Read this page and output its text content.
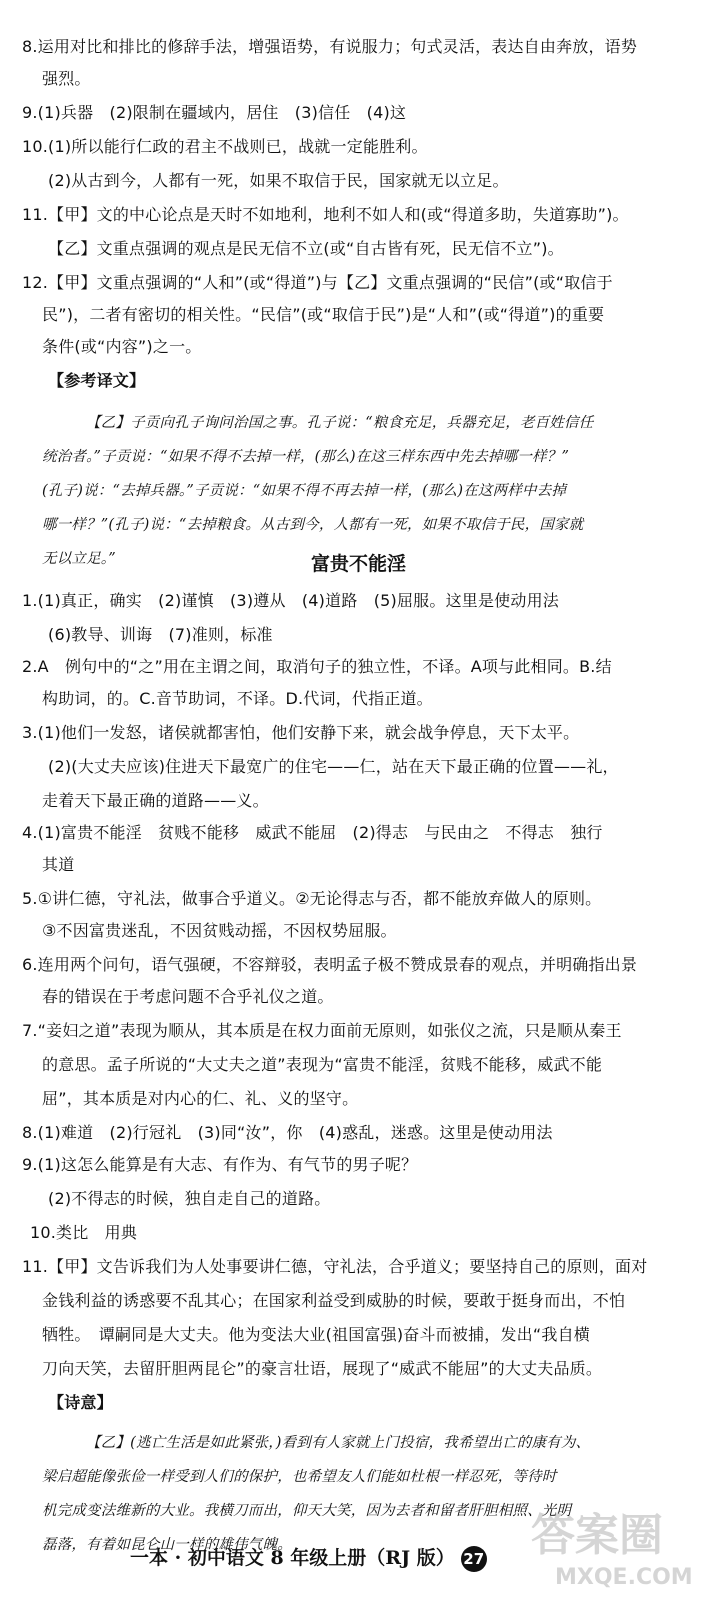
8.运用对比和排比的修辞手法，增强语势，有说服力；句式灵活，表达自由奔放，语势
强烈。
9.(1)兵器　(2)限制在疆域内，居住　(3)信任　(4)这
10.(1)所以能行仁政的君主不战则已，战就一定能胜利。
(2)从古到今，人都有一死，如果不取信于民，国家就无以立足。
11.【甲】文的中心论点是天时不如地利，地利不如人和(或“得道多助，失道寡助”)。
【乙】文重点强调的观点是民无信不立(或“自古皆有死，民无信不立”)。
12.【甲】文重点强调的“人和”(或“得道”)与【乙】文重点强调的“民信”(或“取信于
民”)，二者有密切的相关性。“民信”(或“取信于民”)是“人和”(或“得道”)的重要
条件(或“内容”)之一。
【参考译文】
【乙】子贡向孔子询问治国之事。孔子说：“粮食充足，兵器充足，老百姓信任
统治者。”子贡说：“如果不得不去掉一样，(那么)在这三样东西中先去掉哪一样？”
(孔子)说：“去掉兵器。”子贡说：“如果不得不再去掉一样，(那么)在这两样中去掉
哪一样？”(孔子)说：“去掉粮食。从古到今，人都有一死，如果不取信于民，国家就
无以立足。”	富贵不能淫
1.(1)真正，确实　(2)谨慎　(3)遵从　(4)道路　(5)屈服。这里是使动用法
(6)教导、训诲　(7)准则，标准
2.A　例句中的“之”用在主谓之间，取消句子的独立性，不译。A项与此相同。B.结
构助词，的。C.音节助词，不译。D.代词，代指正道。
3.(1)他们一发怒，诸侯就都害怕，他们安静下来，就会战争停息，天下太平。
(2)(大丈夫应该)住进天下最宽广的住宅——仁，站在天下最正确的位置——礼，
走着天下最正确的道路——义。
4.(1)富贵不能淫　贫贱不能移　威武不能屈　(2)得志　与民由之　不得志　独行
其道
5.①讲仁德，守礼法，做事合乎道义。②无论得志与否，都不能放弃做人的原则。
③不因富贵迷乱，不因贫贱动摇，不因权势屈服。
6.连用两个问句，语气强硬，不容辩驳，表明孟子极不赞成景春的观点，并明确指出景
春的错误在于考虑问题不合乎礼仪之道。
7.“妾妇之道”表现为顺从，其本质是在权力面前无原则，如张仪之流，只是顺从秦王
的意思。孟子所说的“大丈夫之道”表现为“富贵不能淫，贫贱不能移，威武不能
屈”，其本质是对内心的仁、礼、义的坚守。
8.(1)难道　(2)行冠礼　(3)同“汝”，你　(4)惑乱，迷惑。这里是使动用法
9.(1)这怎么能算是有大志、有作为、有气节的男子呢？
(2)不得志的时候，独自走自己的道路。
10.类比　用典
11.【甲】文告诉我们为人处事要讲仁德，守礼法，合乎道义；要坚持自己的原则，面对
金钱利益的诱惑要不乱其心；在国家利益受到威胁的时候，要敢于挺身而出，不怕
牺牲。　谭嗣同是大丈夫。他为变法大业(祖国富强)奋斗而被捕，发出“我自横
刀向天笑，去留肝胆两昆仑”的豪言壮语，展现了“威武不能屈”的大丈夫品质。
【诗意】
【乙】(逃亡生活是如此紧张，)看到有人家就上门投宿，我希望出亡的康有为、
梁启超能像张俭一样受到人们的保护，也希望友人们能如杜根一样忍死，等待时
机完成变法维新的大业。我横刀而出，仰天大笑，因为去者和留者肝胆相照、光明
磊落，有着如昆仑山一样的雄伟气魄。
一本 · 初中语文 8 年级上册（RJ 版） 27 答案圈
MXQE.COM
